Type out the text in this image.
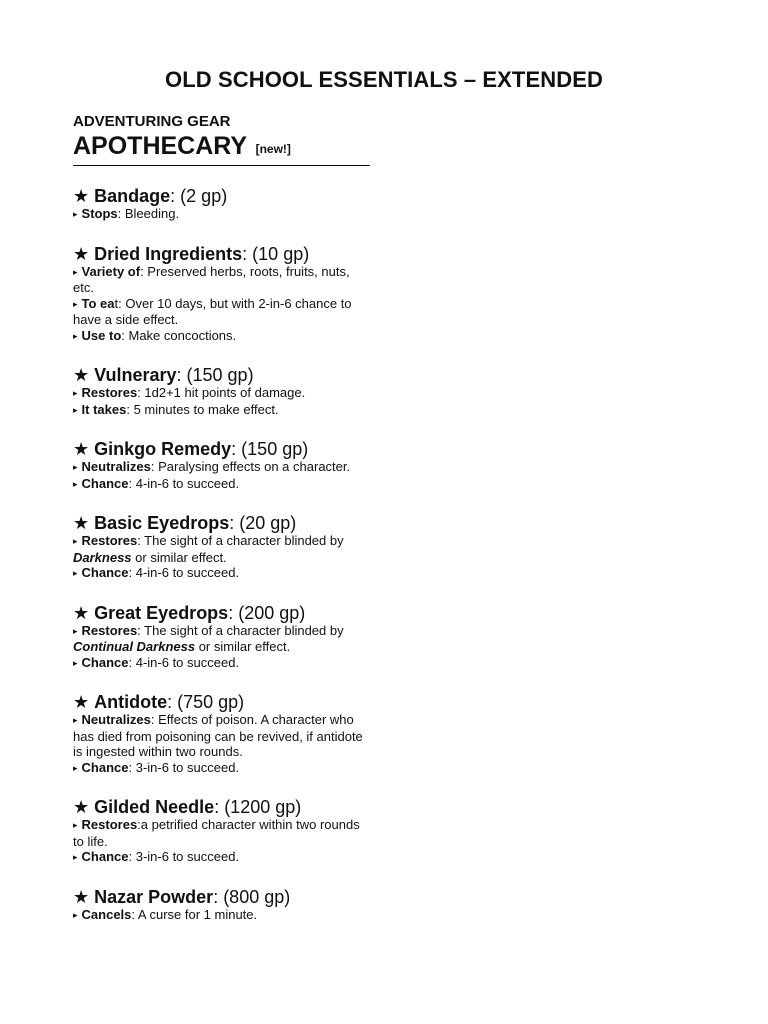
OLD SCHOOL ESSENTIALS – EXTENDED
ADVENTURING GEAR
APOTHECARY [new!]
★ Bandage: (2 gp)
▸ Stops: Bleeding.
★ Dried Ingredients: (10 gp)
▸ Variety of: Preserved herbs, roots, fruits, nuts, etc.
▸ To eat: Over 10 days, but with 2-in-6 chance to have a side effect.
▸ Use to: Make concoctions.
★ Vulnerary: (150 gp)
▸ Restores: 1d2+1 hit points of damage.
▸ It takes: 5 minutes to make effect.
★ Ginkgo Remedy: (150 gp)
▸ Neutralizes: Paralysing effects on a character.
▸ Chance: 4-in-6 to succeed.
★ Basic Eyedrops: (20 gp)
▸ Restores: The sight of a character blinded by Darkness or similar effect.
▸ Chance: 4-in-6 to succeed.
★ Great Eyedrops: (200 gp)
▸ Restores: The sight of a character blinded by Continual Darkness or similar effect.
▸ Chance: 4-in-6 to succeed.
★ Antidote: (750 gp)
▸ Neutralizes: Effects of poison. A character who has died from poisoning can be revived, if antidote is ingested within two rounds.
▸ Chance: 3-in-6 to succeed.
★ Gilded Needle: (1200 gp)
▸ Restores:a petrified character within two rounds to life.
▸ Chance: 3-in-6 to succeed.
★ Nazar Powder: (800 gp)
▸ Cancels: A curse for 1 minute.
